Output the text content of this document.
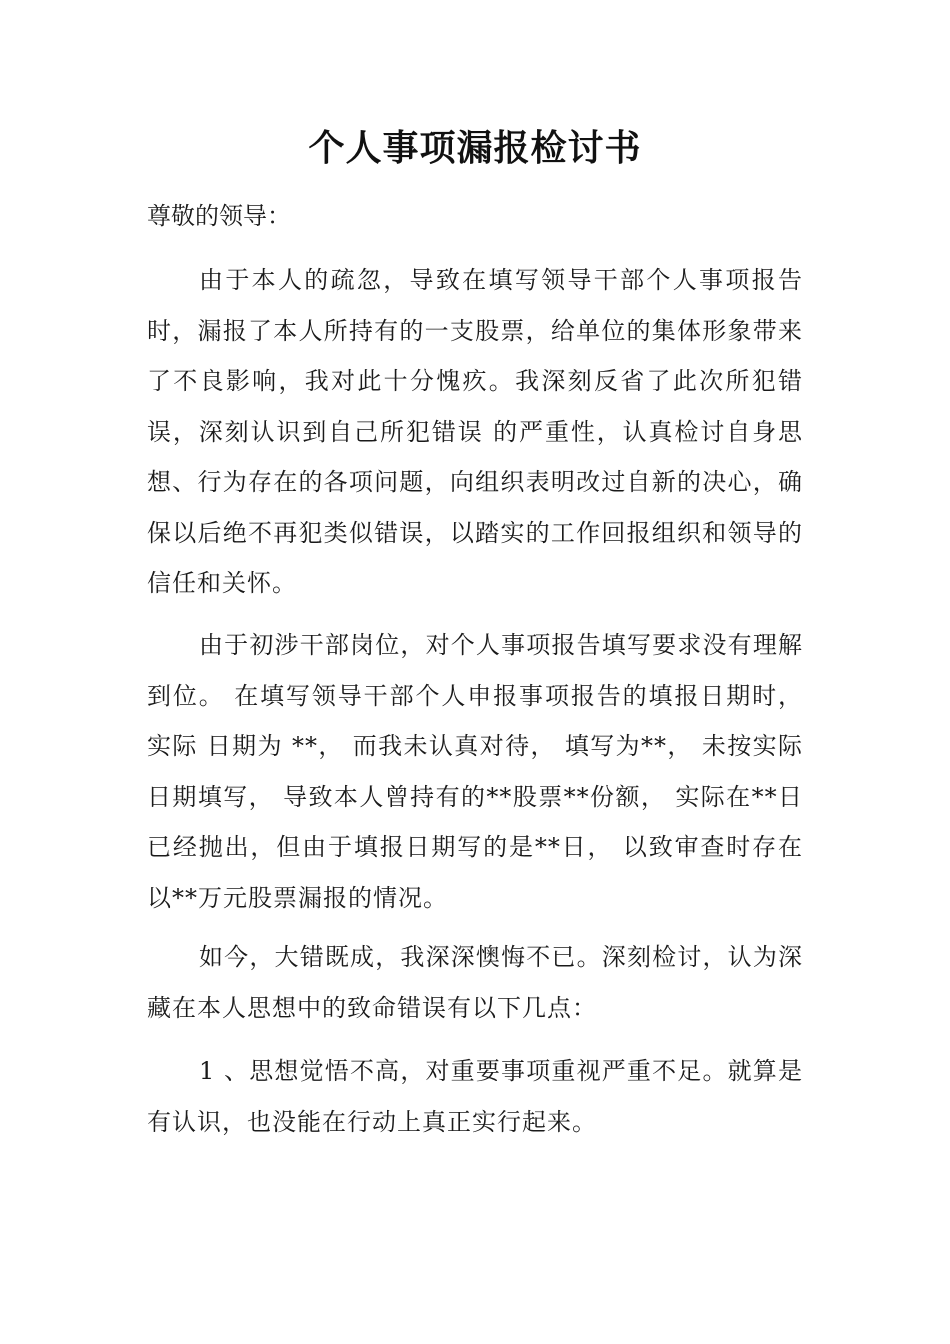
个人事项漏报检讨书

尊敬的领导：

由于本人的疏忽，导致在填写领导干部个人事项报告时，漏报了本人所持有的一支股票，给单位的集体形象带来了不良影响，我对此十分愧疚。我深刻反省了此次所犯错误，深刻认识到自己所犯错误 的严重性，认真检讨自身思想、行为存在的各项问题，向组织表明改过自新的决心，确保以后绝不再犯类似错误，以踏实的工作回报组织和领导的信任和关怀。

由于初涉干部岗位，对个人事项报告填写要求没有理解到位。 在填写领导干部个人申报事项报告的填报日期时，实际 日期为 **， 而我未认真对待， 填写为**， 未按实际日期填写， 导致本人曾持有的**股票**份额， 实际在**日已经抛出，但由于填报日期写的是**日， 以致审查时存在以**万元股票漏报的情况。

如今，大错既成，我深深懊悔不已。深刻检讨，认为深藏在本人思想中的致命错误有以下几点：

1 、思想觉悟不高，对重要事项重视严重不足。就算是有认识，也没能在行动上真正实行起来。
